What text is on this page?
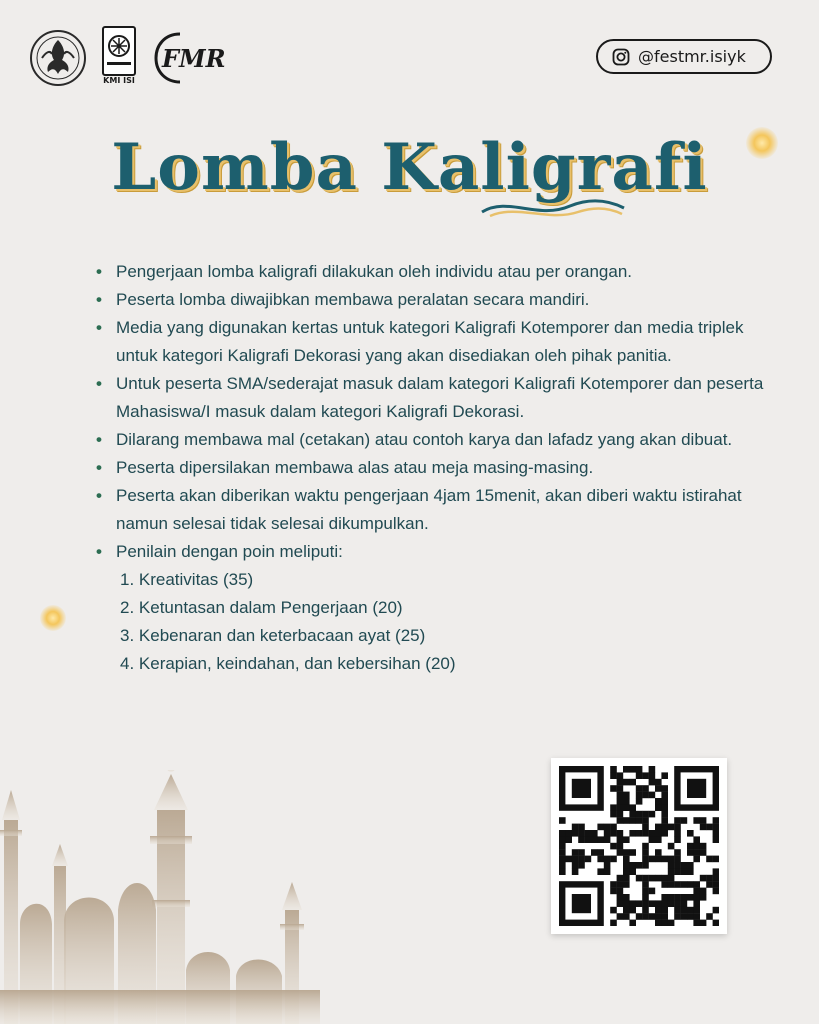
KMI ISI
FMR	@festmr.isiyk
Lomba Kaligrafi
• Pengerjaan lomba kaligrafi dilakukan oleh individu atau per orangan.
• Peserta lomba diwajibkan membawa peralatan secara mandiri.
• Media yang digunakan kertas untuk kategori Kaligrafi Kotemporer dan media triplek untuk kategori Kaligrafi Dekorasi yang akan disediakan oleh pihak panitia.
• Untuk peserta SMA/sederajat masuk dalam kategori Kaligrafi Kotemporer dan peserta Mahasiswa/I masuk dalam kategori Kaligrafi Dekorasi.
• Dilarang membawa mal (cetakan) atau contoh karya dan lafadz yang akan dibuat.
• Peserta dipersilakan membawa alas atau meja masing-masing.
• Peserta akan diberikan waktu pengerjaan 4jam 15menit, akan diberi waktu istirahat namun selesai tidak selesai dikumpulkan.
• Penilain dengan poin meliputi:
1. Kreativitas (35)
2. Ketuntasan dalam Pengerjaan (20)
3. Kebenaran dan keterbacaan ayat (25)
4. Kerapian, keindahan, dan kebersihan (20)
